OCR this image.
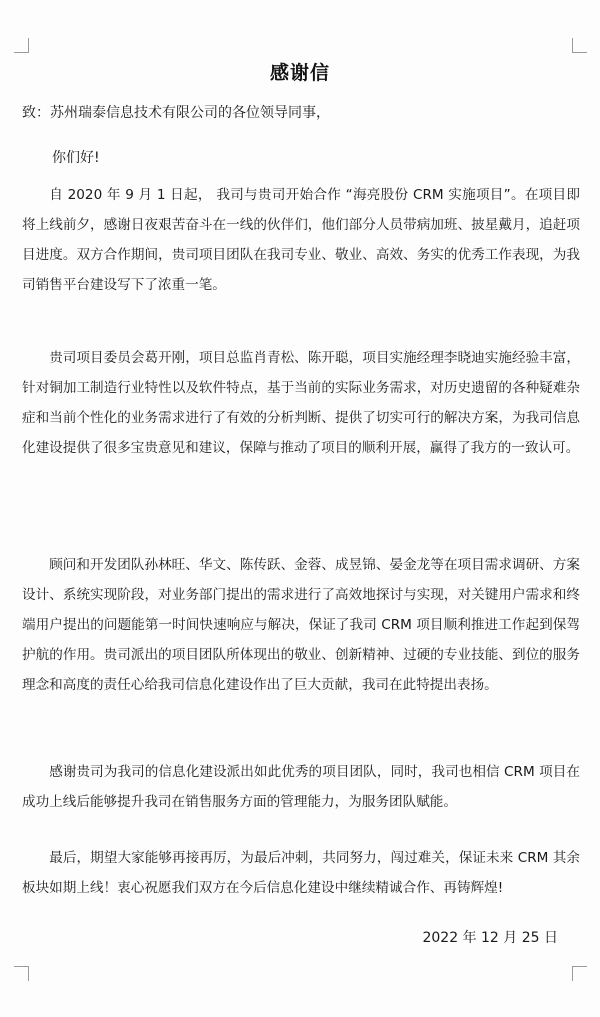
感谢信
致：苏州瑞泰信息技术有限公司的各位领导同事，
你们好!
自 2020 年 9 月 1 日起， 我司与贵司开始合作 “海亮股份 CRM 实施项目”。在项目即将上线前夕，感谢日夜艰苦奋斗在一线的伙伴们，他们部分人员带病加班、披星戴月，追赶项目进度。双方合作期间，贵司项目团队在我司专业、敬业、高效、务实的优秀工作表现，为我司销售平台建设写下了浓重一笔。
贵司项目委员会葛开刚，项目总监肖青松、陈开聪，项目实施经理李晓迪实施经验丰富，针对铜加工制造行业特性以及软件特点，基于当前的实际业务需求，对历史遗留的各种疑难杂症和当前个性化的业务需求进行了有效的分析判断、提供了切实可行的解决方案，为我司信息化建设提供了很多宝贵意见和建议，保障与推动了项目的顺利开展，赢得了我方的一致认可。
顾问和开发团队孙林旺、华文、陈传跃、金蓉、成昱锦、晏金龙等在项目需求调研、方案设计、系统实现阶段，对业务部门提出的需求进行了高效地探讨与实现，对关键用户需求和终端用户提出的问题能第一时间快速响应与解决，保证了我司 CRM 项目顺利推进工作起到保驾护航的作用。贵司派出的项目团队所体现出的敬业、创新精神、过硬的专业技能、到位的服务理念和高度的责任心给我司信息化建设作出了巨大贡献，我司在此特提出表扬。
感谢贵司为我司的信息化建设派出如此优秀的项目团队，同时，我司也相信 CRM 项目在成功上线后能够提升我司在销售服务方面的管理能力，为服务团队赋能。
最后，期望大家能够再接再厉，为最后冲刺，共同努力，闯过难关，保证未来 CRM 其余板块如期上线！衷心祝愿我们双方在今后信息化建设中继续精诚合作、再铸辉煌!
2022 年 12 月 25 日
